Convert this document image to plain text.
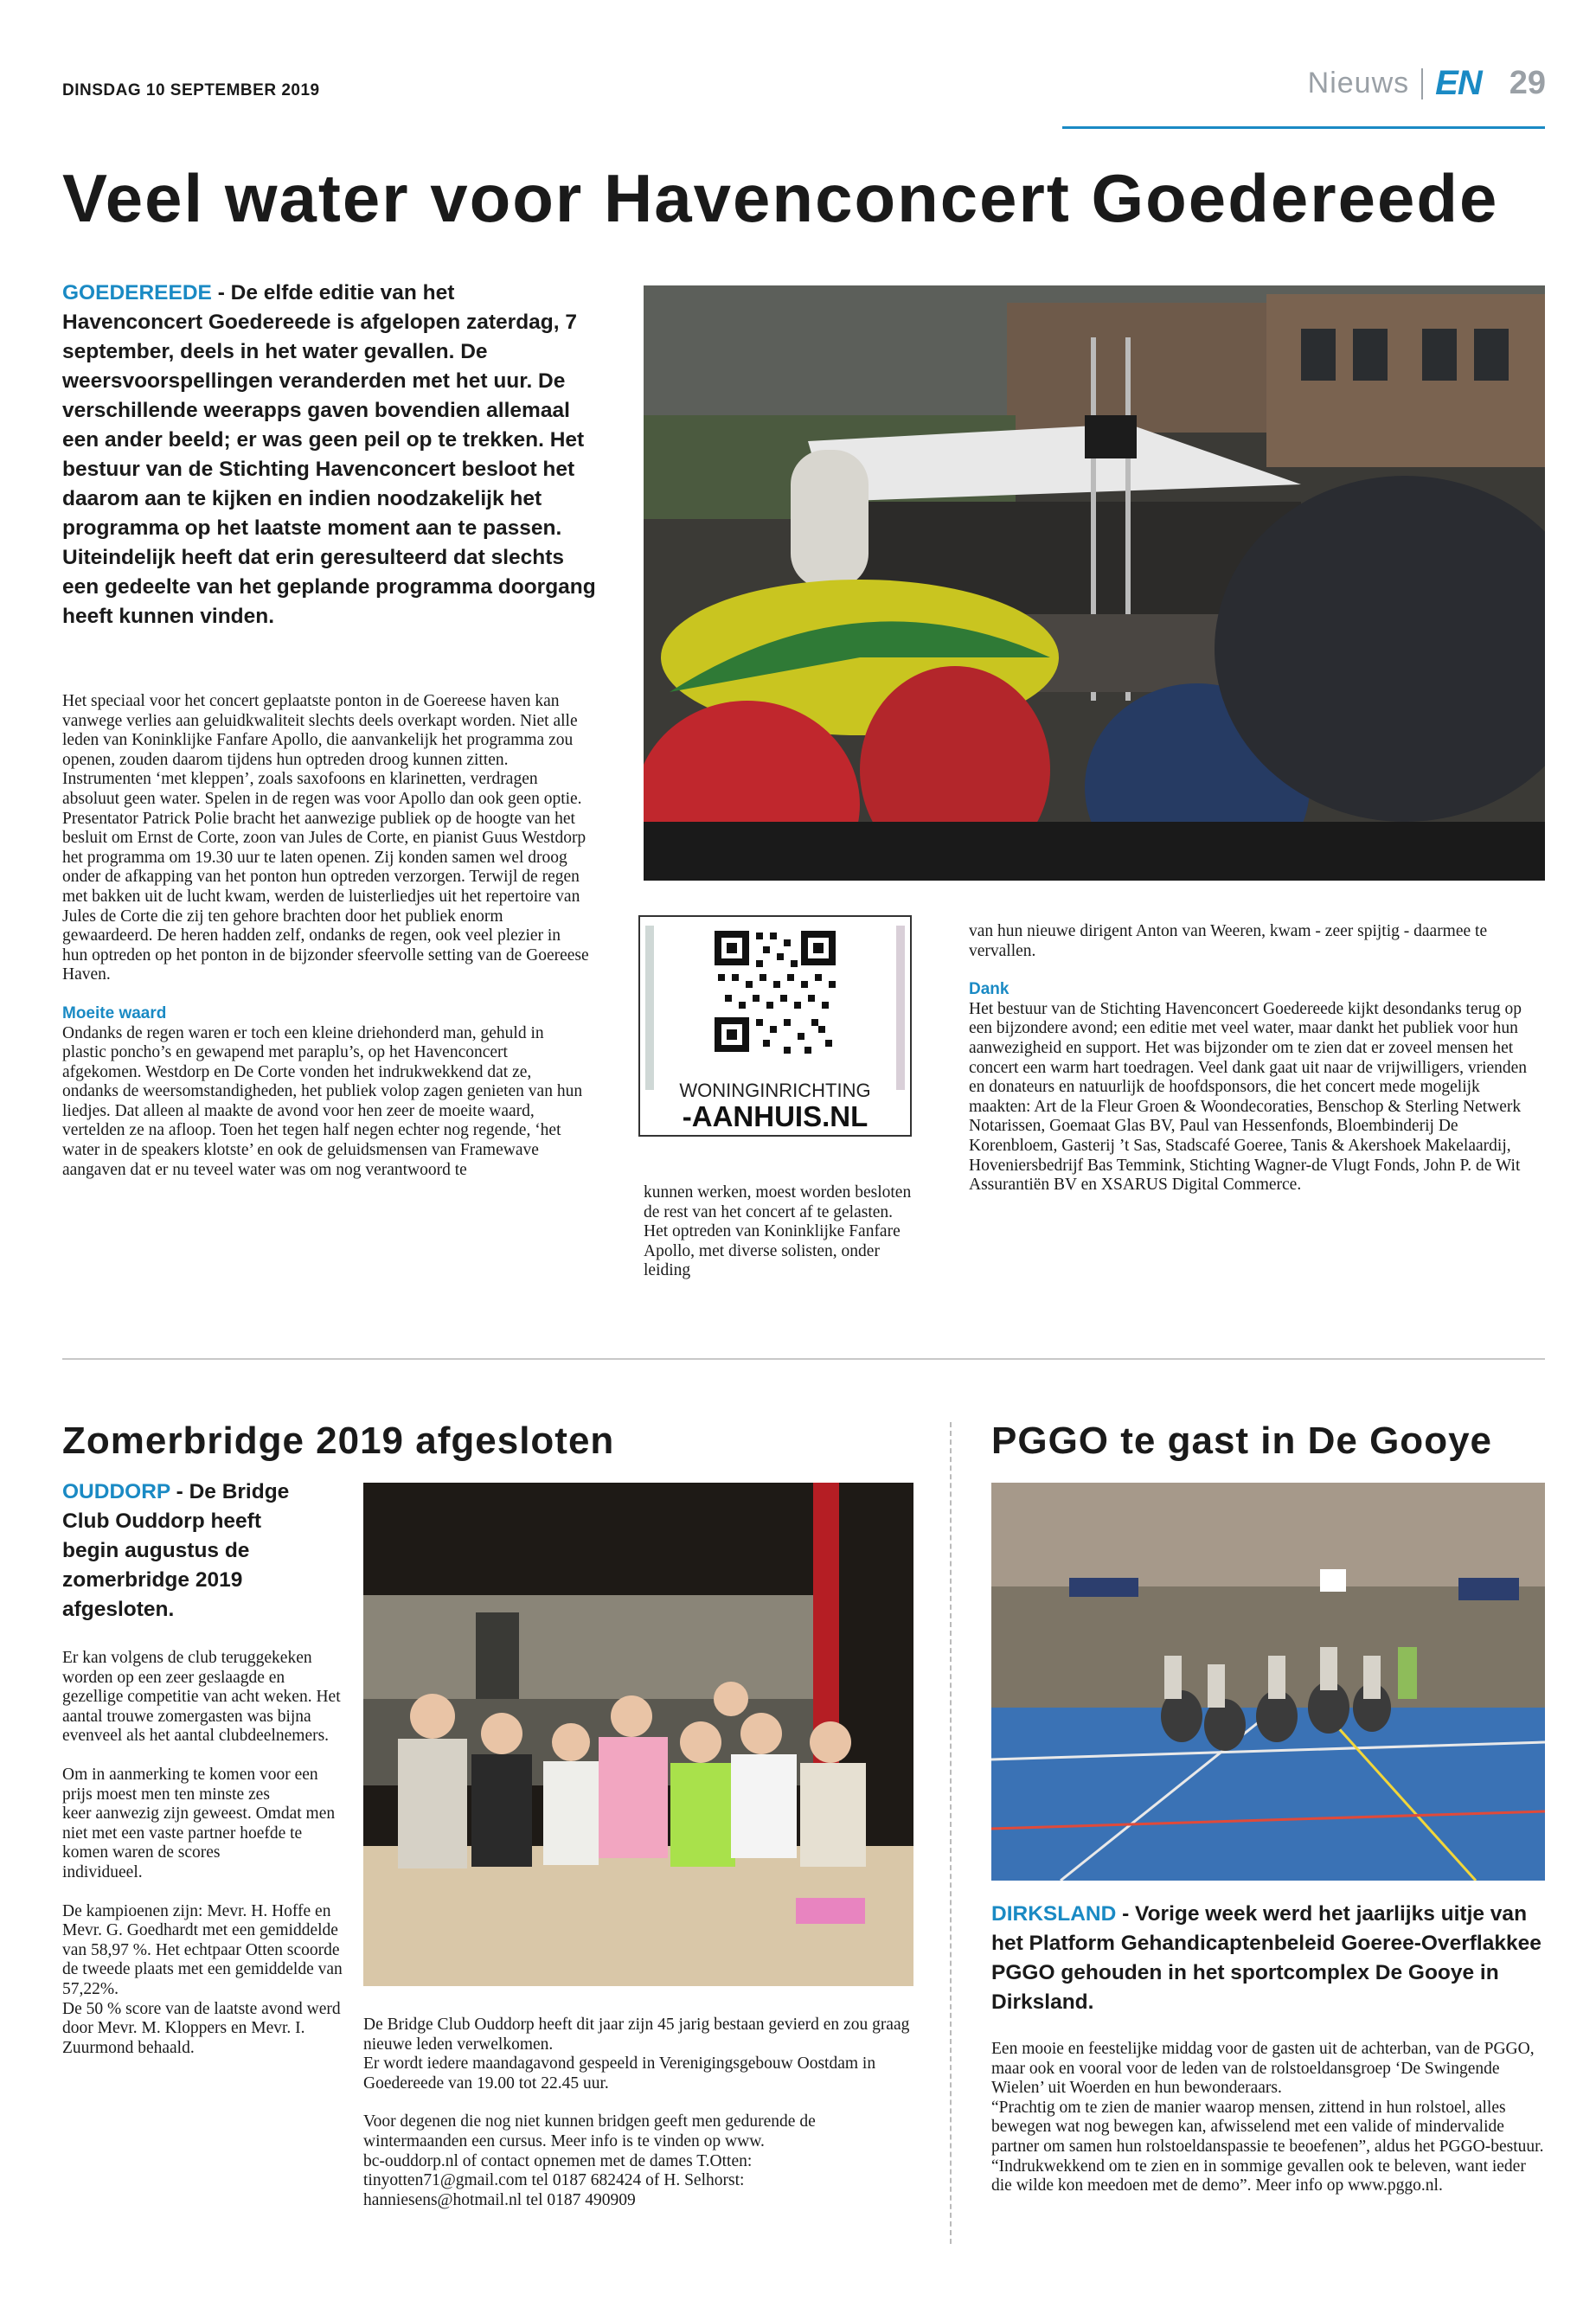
DINSDAG 10 SEPTEMBER 2019	Nieuws EN 29
Veel water voor Havenconcert Goedereede
GOEDEREEDE - De elfde editie van het Havenconcert Goedereede is afgelopen zaterdag, 7 september, deels in het water gevallen. De weersvoorspellingen veranderden met het uur. De verschillende weerapps gaven bovendien allemaal een ander beeld; er was geen peil op te trekken. Het bestuur van de Stichting Havenconcert besloot het daarom aan te kijken en indien noodzakelijk het programma op het laatste moment aan te passen. Uiteindelijk heeft dat erin geresulteerd dat slechts een gedeelte van het geplande programma doorgang heeft kunnen vinden.

Het speciaal voor het concert geplaatste ponton in de Goereese haven kan vanwege verlies aan geluidkwaliteit slechts deels overkapt worden. Niet alle leden van Koninklijke Fanfare Apollo, die aanvankelijk het programma zou openen, zouden daarom tijdens hun optreden droog kunnen zitten. Instrumenten ‘met kleppen’, zoals saxofoons en klarinetten, verdragen absoluut geen water. Spelen in de regen was voor Apollo dan ook geen optie. Presentator Patrick Polie bracht het aanwezige publiek op de hoogte van het besluit om Ernst de Corte, zoon van Jules de Corte, en pianist Guus Westdorp het programma om 19.30 uur te laten openen. Zij konden samen wel droog onder de afkapping van het ponton hun optreden verzorgen. Terwijl de regen met bakken uit de lucht kwam, werden de luisterliedjes uit het repertoire van Jules de Corte die zij ten gehore brachten door het publiek enorm gewaardeerd. De heren hadden zelf, ondanks de regen, ook veel plezier in hun optreden op het ponton in de bijzonder sfeervolle setting van de Goereese Haven.

Moeite waard

Ondanks de regen waren er toch een kleine driehonderd man, gehuld in plastic poncho’s en gewapend met paraplu’s, op het Havenconcert afgekomen. Westdorp en De Corte vonden het indrukwekkend dat ze, ondanks de weersomstandigheden, het publiek volop zagen genieten van hun liedjes. Dat alleen al maakte de avond voor hen zeer de moeite waard, vertelden ze na afloop. Toen het tegen half negen echter nog regende, ‘het water in de speakers klotste’ en ook de geluidsmensen van Framewave aangaven dat er nu teveel water was om nog verantwoord te

WONINGINRICHTING
-AANHUIS.NL

kunnen werken, moest worden besloten de rest van het concert af te gelasten. Het optreden van Koninklijke Fanfare Apollo, met diverse solisten, onder leiding

van hun nieuwe dirigent Anton van Weeren, kwam - zeer spijtig - daarmee te vervallen.

Dank

Het bestuur van de Stichting Havenconcert Goedereede kijkt desondanks terug op een bijzondere avond; een editie met veel water, maar dankt het publiek voor hun aanwezigheid en support. Het was bijzonder om te zien dat er zoveel mensen het concert een warm hart toedragen. Veel dank gaat uit naar de vrijwilligers, vrienden en donateurs en natuurlijk de hoofdsponsors, die het concert mede mogelijk maakten: Art de la Fleur Groen & Woondecoraties, Benschop & Sterling Netwerk Notarissen, Goemaat Glas BV, Paul van Hessenfonds, Bloembinderij De Korenbloem, Gasterij ’t Sas, Stadscafé Goeree, Tanis & Akershoek Makelaardij, Hoveniersbedrijf Bas Temmink, Stichting Wagner-de Vlugt Fonds, John P. de Wit Assurantiën BV en XSARUS Digital Commerce.

Zomerbridge 2019 afgesloten
OUDDORP - De Bridge Club Ouddorp heeft begin augustus de zomerbridge 2019 afgesloten.

Er kan volgens de club teruggekeken worden op een zeer geslaagde en gezellige competitie van acht weken. Het aantal trouwe zomergasten was bijna evenveel als het aantal clubdeelnemers.

Om in aanmerking te komen voor een prijs moest men ten minste zes

keer aanwezig zijn geweest. Omdat men niet met een vaste partner hoefde te komen waren de scores

individueel.

De kampioenen zijn: Mevr. H. Hoffe en Mevr. G. Goedhardt met een gemiddelde van 58,97 %. Het echtpaar Otten scoorde de tweede plaats met een gemiddelde van 57,22%.

De 50 % score van de laatste avond werd door Mevr. M. Kloppers en Mevr. I. Zuurmond behaald.

De Bridge Club Ouddorp heeft dit jaar zijn 45 jarig bestaan gevierd en zou graag nieuwe leden verwelkomen.

Er wordt iedere maandagavond gespeeld in Verenigingsgebouw Oostdam in Goedereede van 19.00 tot 22.45 uur.

Voor degenen die nog niet kunnen bridgen geeft men gedurende de wintermaanden een cursus. Meer info is te vinden op www.

bc-ouddorp.nl of contact opnemen met de dames T.Otten:

tinyotten71@gmail.com tel 0187 682424 of H. Selhorst:

hanniesens@hotmail.nl tel 0187 490909

PGGO te gast in De Gooye
DIRKSLAND - Vorige week werd het jaarlijks uitje van het Platform Gehandicaptenbeleid Goeree-Overflakkee PGGO gehouden in het sportcomplex De Gooye in Dirksland.

Een mooie en feestelijke middag voor de gasten uit de achterban, van de PGGO, maar ook en vooral voor de leden van de rolstoeldansgroep ‘De Swingende Wielen’ uit Woerden en hun bewonderaars.

“Prachtig om te zien de manier waarop mensen, zittend in hun rolstoel, alles bewegen wat nog bewegen kan, afwisselend met een valide of mindervalide partner om samen hun rolstoeldanspassie te beoefenen”, aldus het PGGO-bestuur. “Indrukwekkend om te zien en in sommige gevallen ook te beleven, want ieder die wilde kon meedoen met de demo”. Meer info op www.pggo.nl.
